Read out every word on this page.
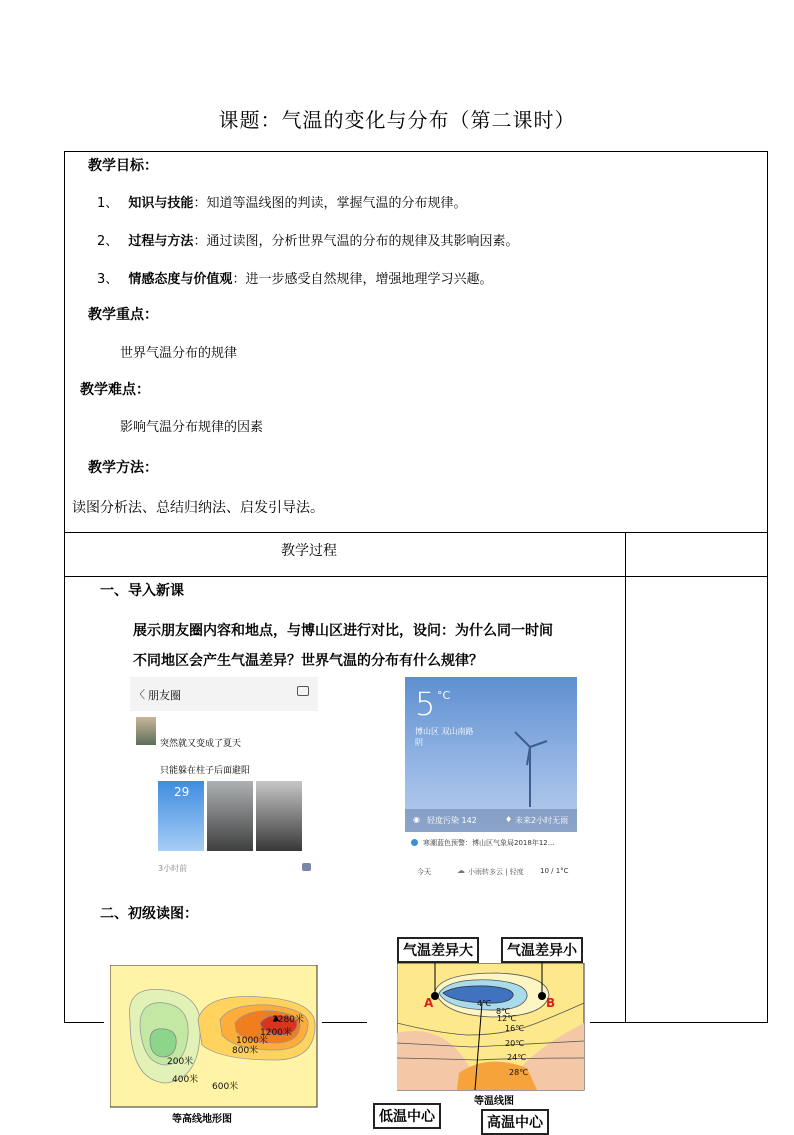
课题：气温的变化与分布（第二课时）
教学目标：
1、 知识与技能：知道等温线图的判读，掌握气温的分布规律。
2、 过程与方法：通过读图，分析世界气温的分布的规律及其影响因素。
3、 情感态度与价值观：进一步感受自然规律，增强地理学习兴趣。
教学重点：
世界气温分布的规律
教学难点：
影响气温分布规律的因素
教学方法：
读图分析法、总结归纳法、启发引导法。
教学过程
一、导入新课
展示朋友圈内容和地点，与博山区进行对比，设问：为什么同一时间
不同地区会产生气温差异？世界气温的分布有什么规律？
二、初级读图：
〈 朋友圈
突然就又变成了夏天
只能躲在柱子后面避阳
29
3小时前
5 °C
博山区 双山南路
阴
◉ 轻度污染 142	♦ 未来2小时无雨
寒潮蓝色预警：博山区气象局2018年12...
今天	☁ 小雨转多云 | 轻度 10 / 1°C
1280米
1200米
1000米
800米
200米
400米
600米
等高线地形图
A	B
4℃
8℃
12℃
16℃
20℃
24℃
28℃
气温差异大	气温差异小
低温中心	高温中心
等温线图
